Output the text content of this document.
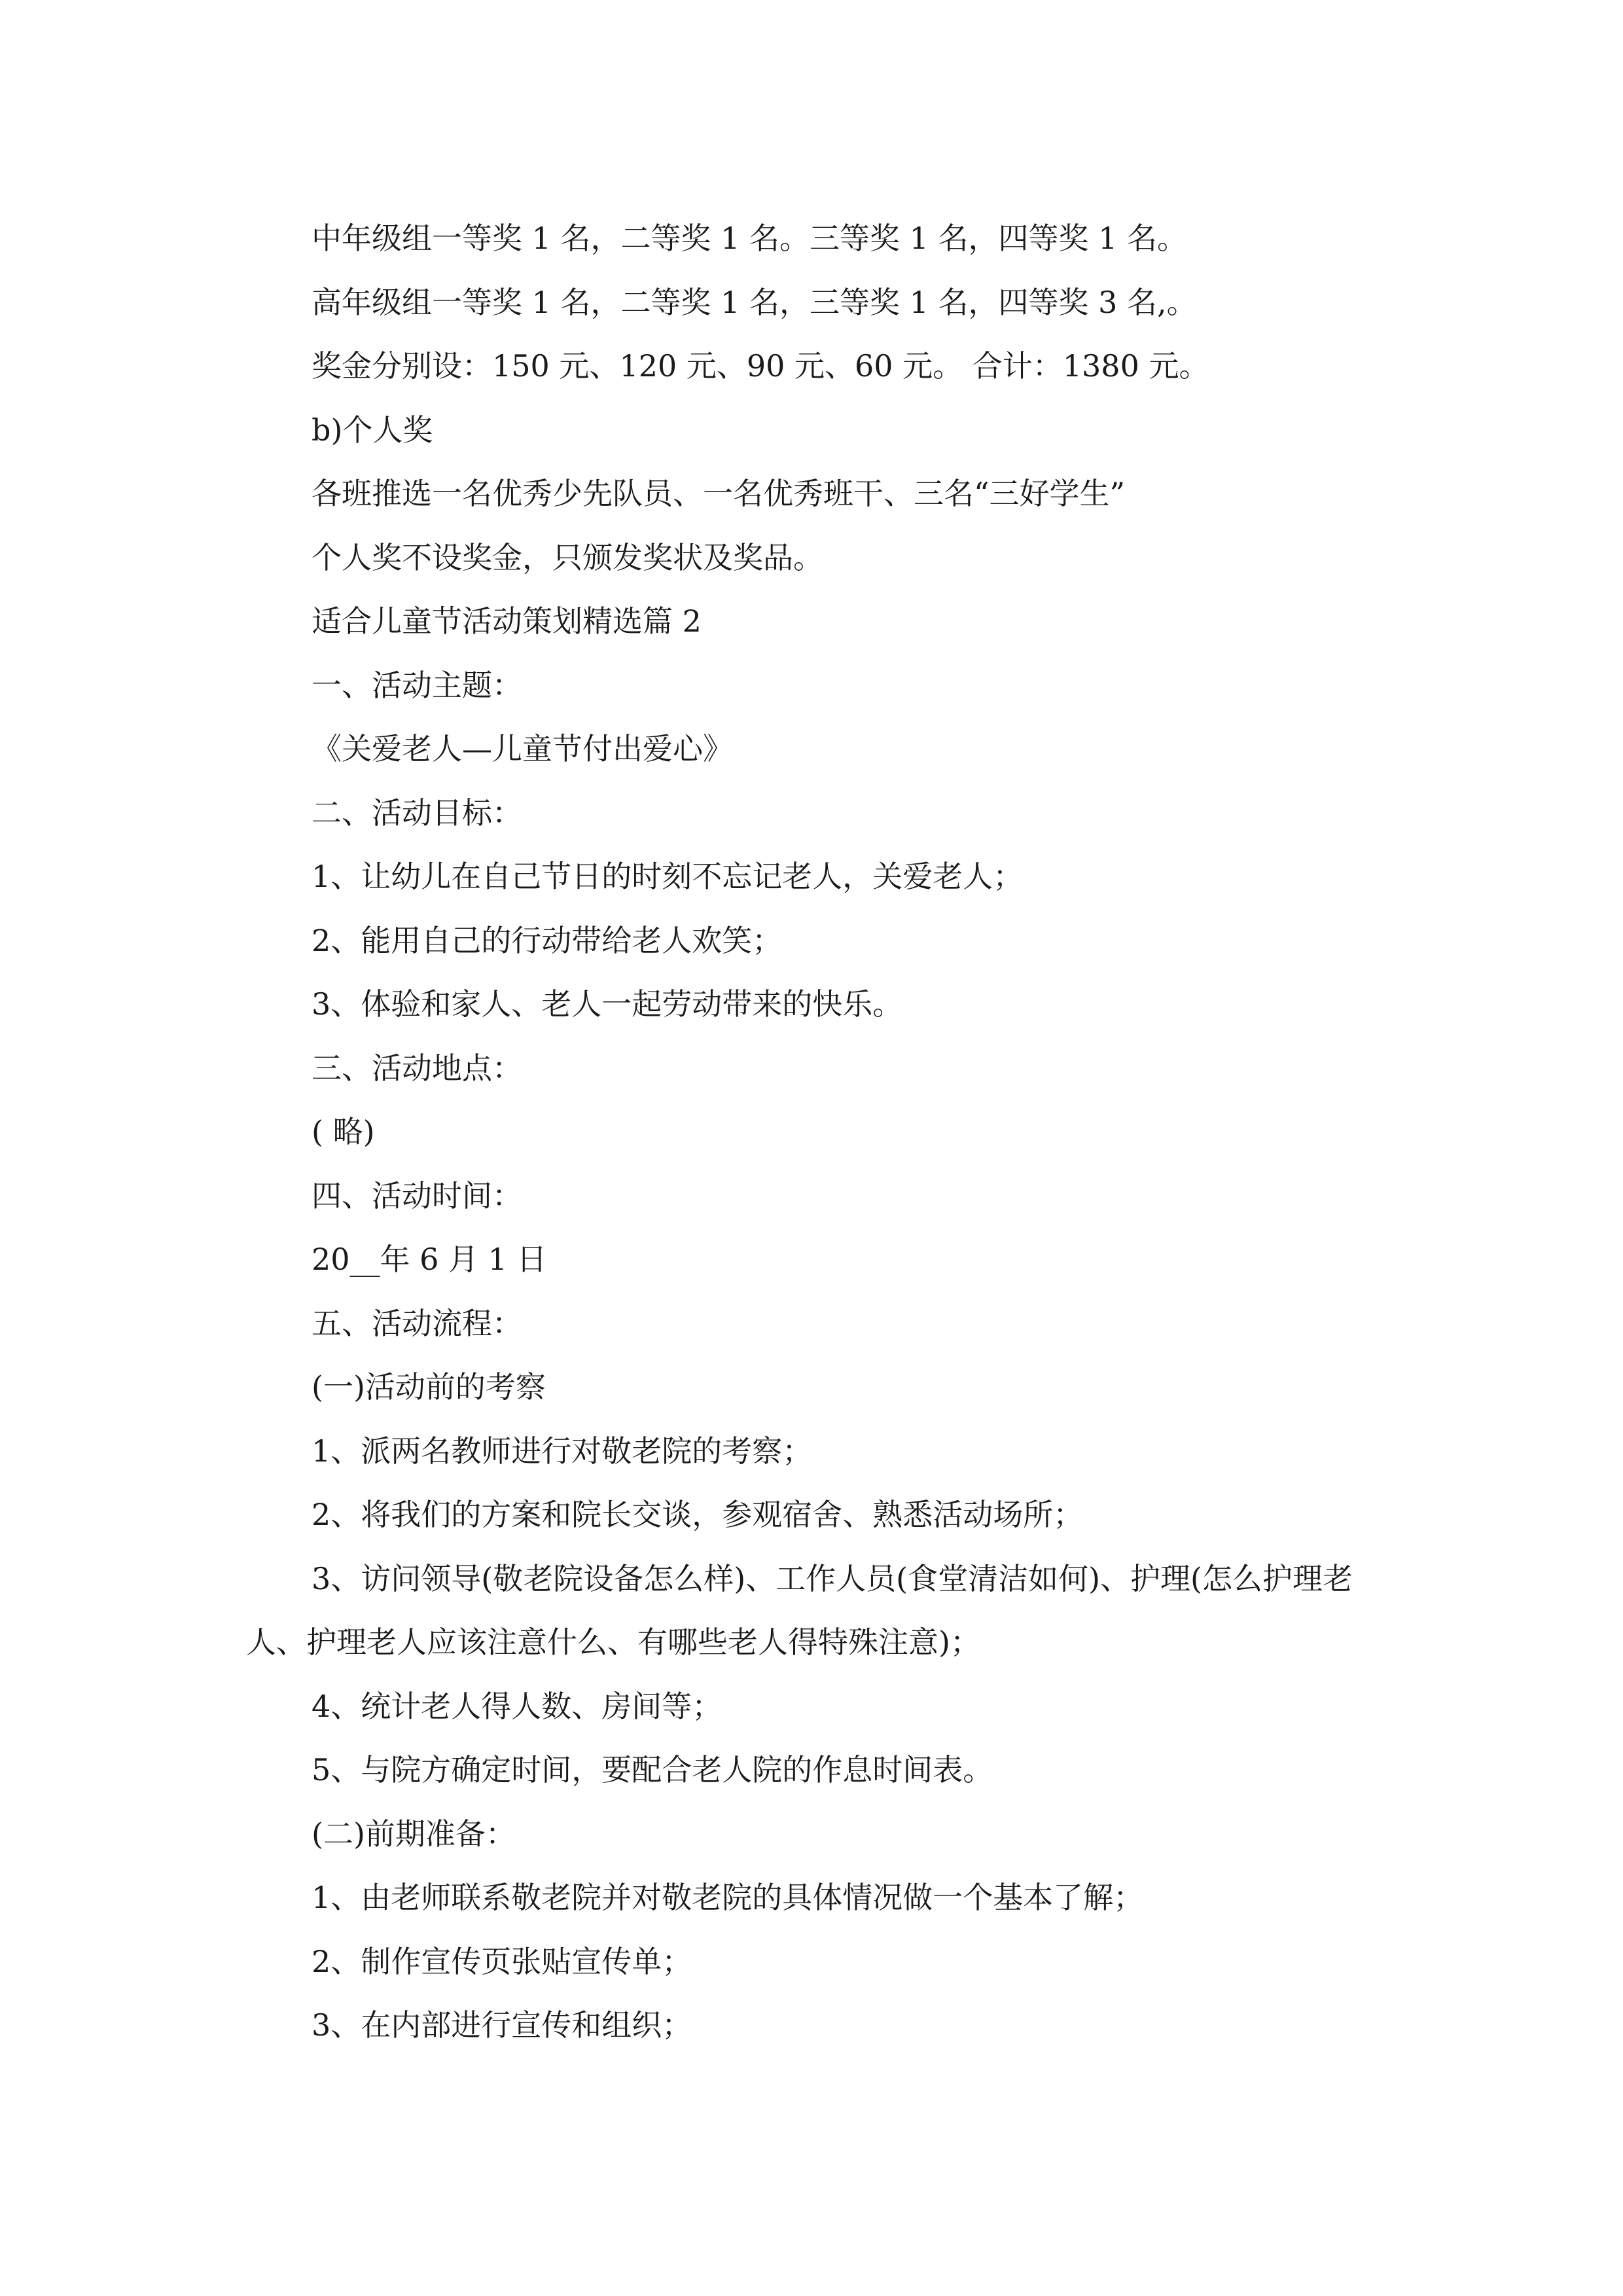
中年级组一等奖 1 名，二等奖 1 名。三等奖 1 名，四等奖 1 名。

高年级组一等奖 1 名，二等奖 1 名，三等奖 1 名，四等奖 3 名,。

奖金分别设：150 元、120 元、90 元、60 元。 合计：1380 元。

b)个人奖

各班推选一名优秀少先队员、一名优秀班干、三名“三好学生”

个人奖不设奖金，只颁发奖状及奖品。

适合儿童节活动策划精选篇 2

一、活动主题：

《关爱老人—儿童节付出爱心》

二、活动目标：

1、让幼儿在自己节日的时刻不忘记老人，关爱老人；

2、能用自己的行动带给老人欢笑；

3、体验和家人、老人一起劳动带来的快乐。

三、活动地点：

( 略)

四、活动时间：

20__年 6 月 1 日

五、活动流程：

(一)活动前的考察

1、派两名教师进行对敬老院的考察；

2、将我们的方案和院长交谈，参观宿舍、熟悉活动场所；

3、访问领导(敬老院设备怎么样)、工作人员(食堂清洁如何)、护理(怎么护理老人、护理老人应该注意什么、有哪些老人得特殊注意)；

4、统计老人得人数、房间等；

5、与院方确定时间，要配合老人院的作息时间表。

(二)前期准备：

1、由老师联系敬老院并对敬老院的具体情况做一个基本了解；

2、制作宣传页张贴宣传单；

3、在内部进行宣传和组织；
